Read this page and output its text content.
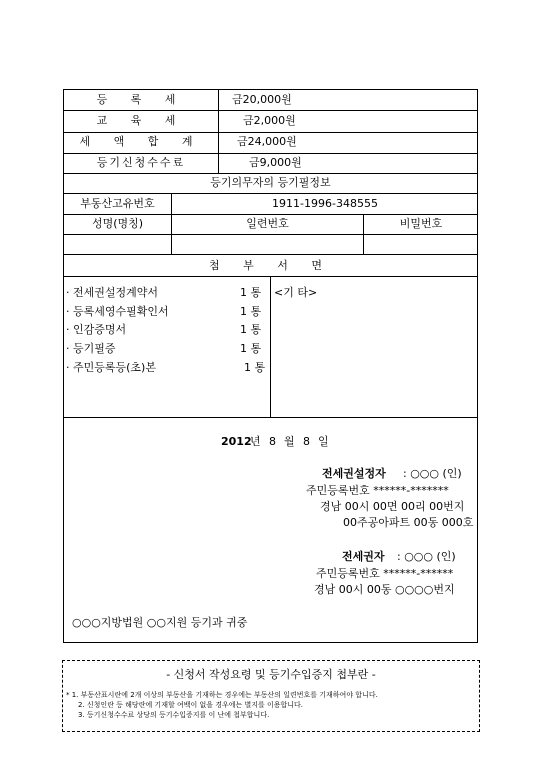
등 록 세	금20,000원
교 육 세	금2,000원
세 액 합 계	금24,000원
등기신청수수료	금9,000원
등기의무자의 등기필정보
부동산고유번호	1911-1996-348555
성명(명칭)	일련번호	비밀번호
첨 부 서 면
· 전세권설정계약서	1 통
· 등록세영수필확인서	1 통
· 인감증명서	1 통
· 등기필증	1 통
· 주민등록등(초)본	1 통
<기 타>
2012
년 8 월 8 일
전세권설정자 : ○○○ (인)
주민등록번호 ******-*******
경남 00시 00면 00리 00번지
00주공아파트 00동 000호
전세권자 : ○○○ (인)
주민등록번호 ******-******
경남 00시 00동 ○○○○번지
○○○지방법원 ○○지원 등기과 귀중
- 신청서 작성요령 및 등기수입증지 첩부란 -
* 1. 부동산표시란에 2개 이상의 부동산을 기재하는 경우에는 부동산의 일련번호를 기재하여야 합니다.
2. 신청인란 등 해당란에 기재할 여백이 없을 경우에는 별지를 이용합니다.
3. 등기신청수수료 상당의 등기수입증지를 이 난에 첩부합니다.
